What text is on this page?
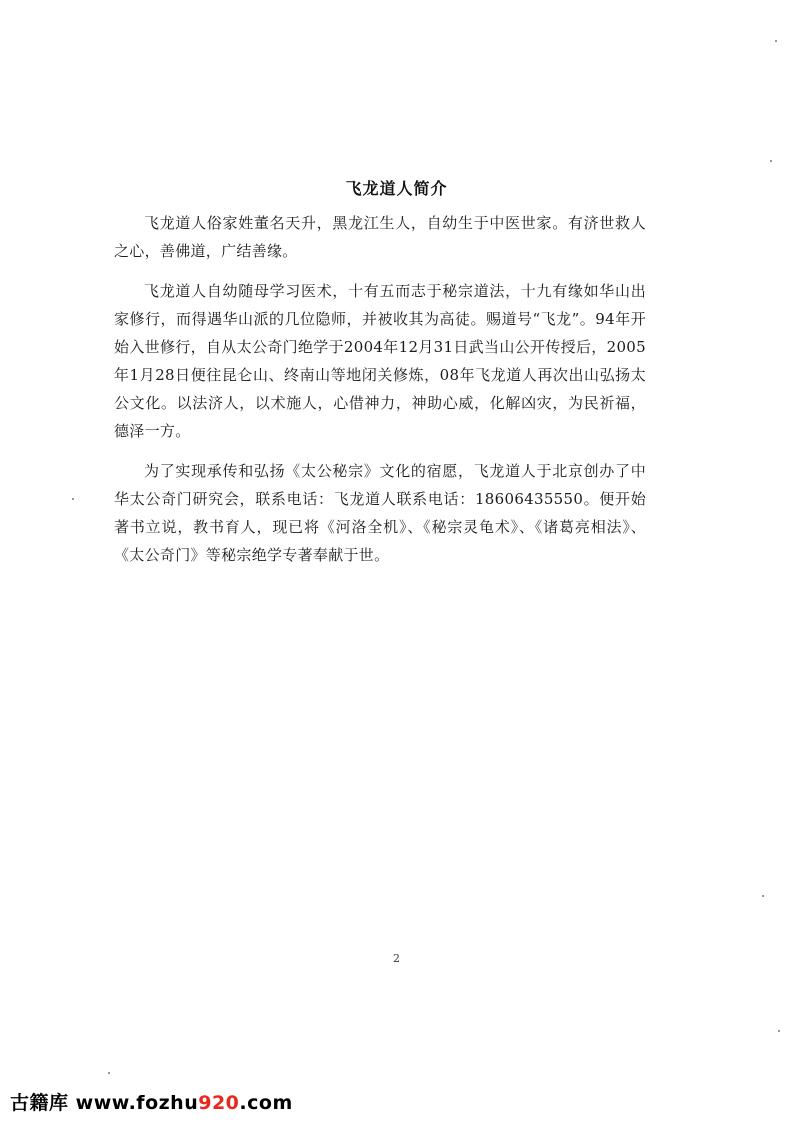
飞龙道人简介

飞龙道人俗家姓董名天升，黑龙江生人，自幼生于中医世家。有济世救人之心，善佛道，广结善缘。

飞龙道人自幼随母学习医术，十有五而志于秘宗道法，十九有缘如华山出家修行，而得遇华山派的几位隐师，并被收其为高徒。赐道号“飞龙”。94年开始入世修行，自从太公奇门绝学于2004年12月31日武当山公开传授后，2005年1月28日便往昆仑山、终南山等地闭关修炼，08年飞龙道人再次出山弘扬太公文化。以法济人，以术施人，心借神力，神助心威，化解凶灾，为民祈福，德泽一方。

为了实现承传和弘扬《太公秘宗》文化的宿愿，飞龙道人于北京创办了中华太公奇门研究会，联系电话：飞龙道人联系电话：18606435550。便开始著书立说，教书育人，现已将《河洛全机》、《秘宗灵龟术》、《诸葛亮相法》、《太公奇门》等秘宗绝学专著奉献于世。

2
古籍库 www.fozhu920.com
